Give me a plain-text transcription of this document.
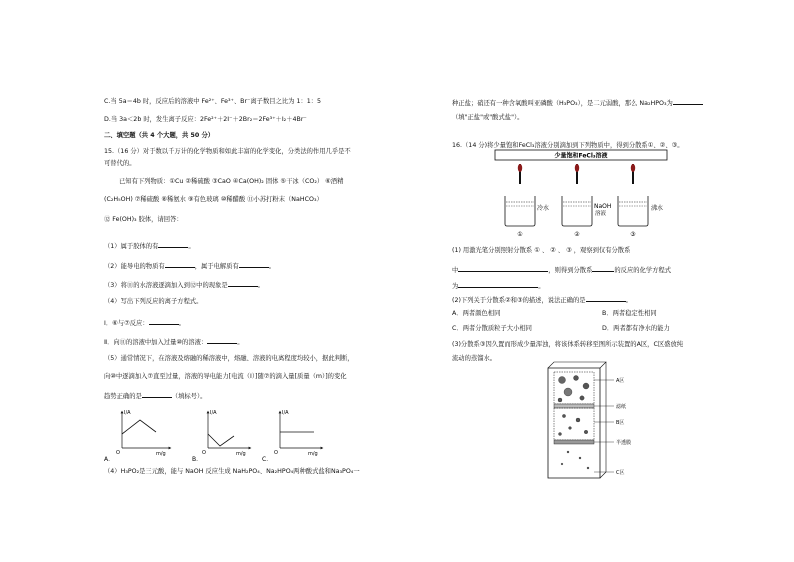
C.当 5a＝4b 时，反应后的溶液中 Fe²⁺、Fe³⁺、Br⁻离子数目之比为 1：1：5
D.当 3a＜2b 时，发生离子反应：2Fe²⁺＋2I⁻＋2Br₂＝2Fe³⁺＋I₂＋4Br⁻
二、填空题（共 4 个大题，共 50 分）
15.（16 分）对于数以千万计的化学物质和如此丰富的化学变化，分类法的作用几乎是不
可替代的。
已知有下列物质：①Cu ②稀硫酸 ③CaO ④Ca(OH)₂ 固体 ⑤干冰（CO₂） ⑥酒精
(C₂H₅OH) ⑦稀硫酸 ⑧稀氨水 ⑨有色玻璃 ⑩稀醋酸 ⑪小苏打粉末（NaHCO₃）
⑫ Fe(OH)₃ 胶体，请回答：
（1）属于胶体的有	。
（2）能导电的物质有	，属于电解质有	。
（3）将⑪的水溶液逐滴加入到⑫中的现象是	。
（4）写出下列反应的离子方程式。
Ⅰ．⑥与⑦反应：	。
Ⅱ．向⑪的溶液中加入过量⑩的溶液：	。
（5）通常情况下，在溶液及熔融的稀溶液中，熔融、溶液的电离程度均较小，据此判断，
向⑩中逐滴加入⑦直至过量，溶液的导电能力[电流（I）]随⑦的滴入量[质量（m）]的变化
趋势正确的是	（填标号）。
I/A
m/g
O
A．
I/A
m/g
O
B．
I/A
m/g
O
C．
（4）H₃PO₂是三元酸，能与 NaOH 反应生成 NaH₂PO₄、Na₂HPO₄两种酸式盐和Na₃PO₄一
种正盐；硝还有一种含氧酸叫亚磷酸（H₃PO₃），是二元弱酸，那么 Na₂HPO₃为
（填"正盐"或"酸式盐"）。
16.（14 分)将少量饱和FeCl₃溶液分别滴加到下列物质中，得到分散系①、②、③。
少量饱和FeCl₃溶液
冷水
①
NaOH
溶液
②
沸水
③
(1) 用激光笔分别照射分散系 ① 、 ② 、 ③ ，观察到仅有分散系
中	，则得到分散系	的反应的化学方程式
为	。
(2)下列关于分散系②和③的描述，说法正确的是	。
A．两者颜色相同	B．两者稳定性相同
C．两者分散质粒子大小相同	D．两者都有净水的能力
(3)分散系③因久置而形成少量浑浊，将该体系转移至图所示装置的A区，C区盛放纯
流动的蒸馏水。
A区
滤纸
B区
半透膜
C区
